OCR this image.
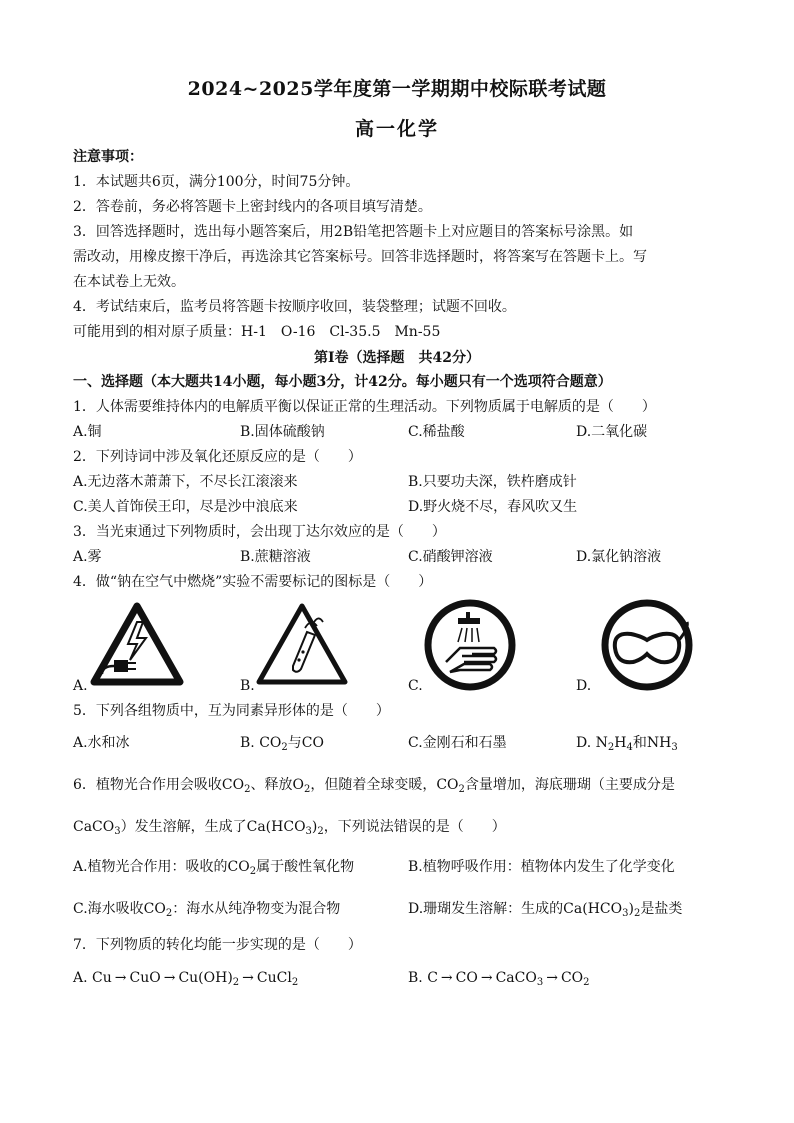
2024~2025学年度第一学期期中校际联考试题
高一化学
注意事项：
1．本试题共6页，满分100分，时间75分钟。
2．答卷前，务必将答题卡上密封线内的各项目填写清楚。
3．回答选择题时，选出每小题答案后，用2B铅笔把答题卡上对应题目的答案标号涂黑。如
需改动，用橡皮擦干净后，再选涂其它答案标号。回答非选择题时，将答案写在答题卡上。写
在本试卷上无效。
4．考试结束后，监考员将答题卡按顺序收回，装袋整理；试题不回收。
可能用到的相对原子质量：H-1　O-16　Cl-35.5　Mn-55
第Ⅰ卷（选择题　共42分）
一、选择题（本大题共14小题，每小题3分，计42分。每小题只有一个选项符合题意）
1．人体需要维持体内的电解质平衡以保证正常的生理活动。下列物质属于电解质的是（　　）
A.铜	B.固体硫酸钠	C.稀盐酸	D.二氧化碳
2．下列诗词中涉及氧化还原反应的是（　　）
A.无边落木萧萧下，不尽长江滚滚来	B.只要功夫深，铁杵磨成针
C.美人首饰侯王印，尽是沙中浪底来	D.野火烧不尽，春风吹又生
3．当光束通过下列物质时，会出现丁达尔效应的是（　　）
A.雾	B.蔗糖溶液	C.硝酸钾溶液	D.氯化钠溶液
4．做“钠在空气中燃烧”实验不需要标记的图标是（　　）
A.	B.	C.	D.
5．下列各组物质中，互为同素异形体的是（　　）
A.水和冰	B. $CO_2$与CO	C.金刚石和石墨	D. $N_2H_4$和$NH_3$
6．植物光合作用会吸收$CO_2$、释放$O_2$，但随着全球变暖，$CO_2$含量增加，海底珊瑚（主要成分是
CaCO$_3$）发生溶解，生成了$Ca(HCO_3)_2$，下列说法错误的是（　　）
A.植物光合作用：吸收的$CO_2$属于酸性氧化物	B.植物呼吸作用：植物体内发生了化学变化
C.海水吸收$CO_2$：海水从纯净物变为混合物	D.珊瑚发生溶解：生成的$Ca(HCO_3)_2$是盐类
7．下列物质的转化均能一步实现的是（　　）
A. Cu → CuO → $Cu(OH)_2$ → CuCl$_2$	B. C → CO → CaCO$_3$ → $CO_2$
